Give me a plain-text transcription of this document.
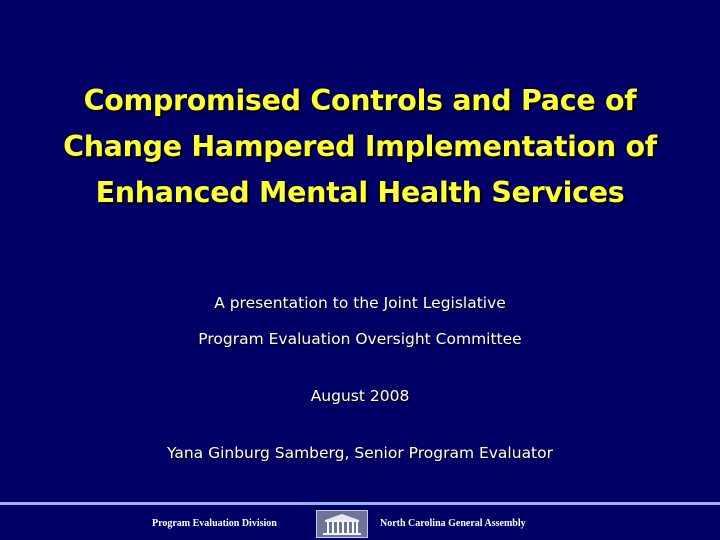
Compromised Controls and Pace of
Change Hampered Implementation of
Enhanced Mental Health Services
A presentation to the Joint Legislative
Program Evaluation Oversight Committee
August 2008
Yana Ginburg Samberg, Senior Program Evaluator
Program Evaluation Division	North Carolina General Assembly
